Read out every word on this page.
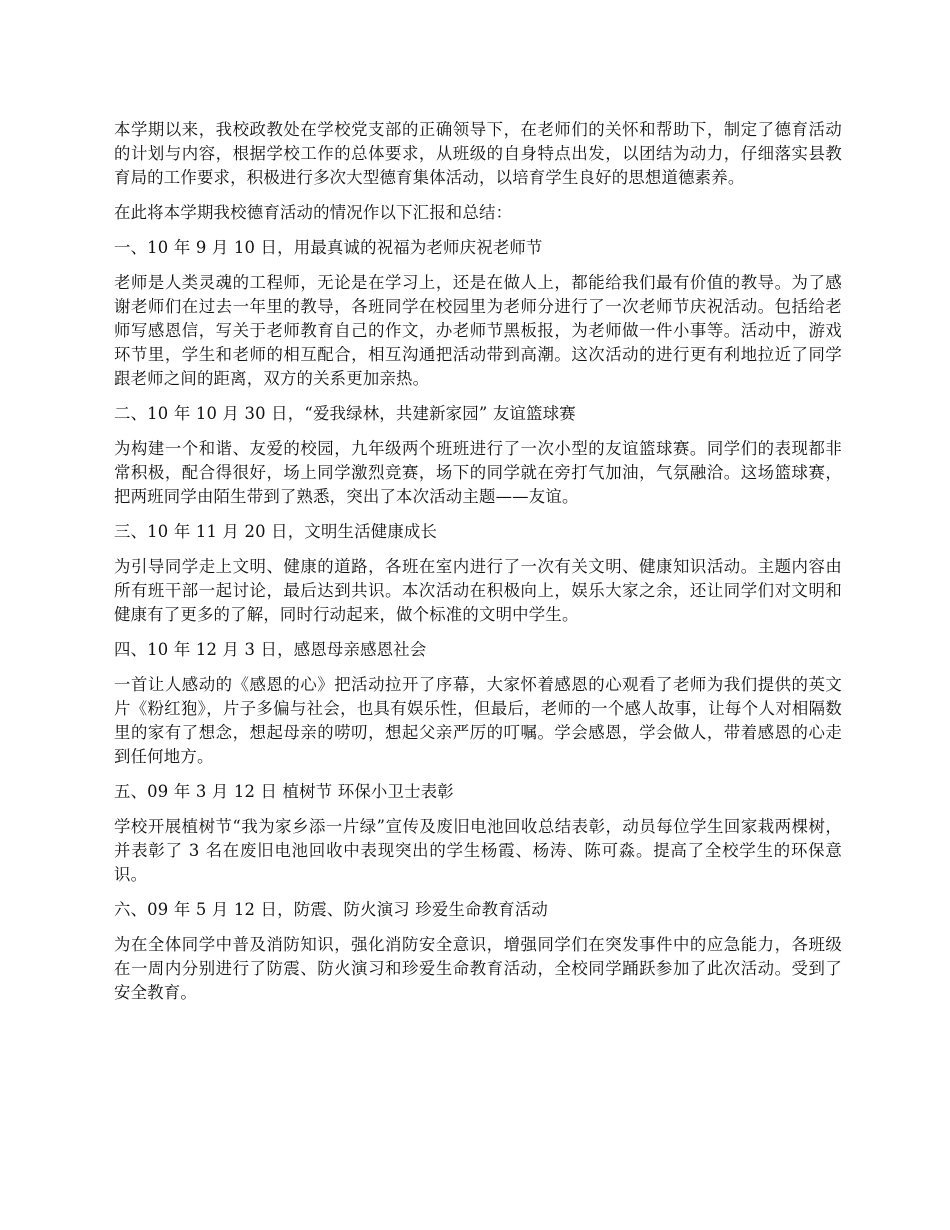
本学期以来，我校政教处在学校党支部的正确领导下，在老师们的关怀和帮助下，制定了德育活动的计划与内容，根据学校工作的总体要求，从班级的自身特点出发，以团结为动力，仔细落实县教育局的工作要求，积极进行多次大型德育集体活动，以培育学生良好的思想道德素养。

在此将本学期我校德育活动的情况作以下汇报和总结：

一、10 年 9 月 10 日，用最真诚的祝福为老师庆祝老师节

老师是人类灵魂的工程师，无论是在学习上，还是在做人上，都能给我们最有价值的教导。为了感谢老师们在过去一年里的教导，各班同学在校园里为老师分进行了一次老师节庆祝活动。包括给老师写感恩信，写关于老师教育自己的作文，办老师节黑板报，为老师做一件小事等。活动中，游戏环节里，学生和老师的相互配合，相互沟通把活动带到高潮。这次活动的进行更有利地拉近了同学跟老师之间的距离，双方的关系更加亲热。

二、10 年 10 月 30 日，“爱我绿林，共建新家园” 友谊篮球赛

为构建一个和谐、友爱的校园，九年级两个班班进行了一次小型的友谊篮球赛。同学们的表现都非常积极，配合得很好，场上同学激烈竞赛，场下的同学就在旁打气加油，气氛融洽。这场篮球赛，把两班同学由陌生带到了熟悉，突出了本次活动主题——友谊。

三、10 年 11 月 20 日，文明生活健康成长

为引导同学走上文明、健康的道路，各班在室内进行了一次有关文明、健康知识活动。主题内容由所有班干部一起讨论，最后达到共识。本次活动在积极向上，娱乐大家之余，还让同学们对文明和健康有了更多的了解，同时行动起来，做个标准的文明中学生。

四、10 年 12 月 3 日，感恩母亲感恩社会

一首让人感动的《感恩的心》把活动拉开了序幕，大家怀着感恩的心观看了老师为我们提供的英文片《粉红狍》，片子多偏与社会，也具有娱乐性，但最后，老师的一个感人故事，让每个人对相隔数里的家有了想念，想起母亲的唠叨，想起父亲严厉的叮嘱。学会感恩，学会做人，带着感恩的心走到任何地方。

五、09 年 3 月 12 日 植树节 环保小卫士表彰

学校开展植树节“我为家乡添一片绿”宣传及废旧电池回收总结表彰，动员每位学生回家栽两棵树，并表彰了 3 名在废旧电池回收中表现突出的学生杨霞、杨涛、陈可淼。提高了全校学生的环保意识。

六、09 年 5 月 12 日，防震、防火演习 珍爱生命教育活动

为在全体同学中普及消防知识，强化消防安全意识，增强同学们在突发事件中的应急能力，各班级在一周内分别进行了防震、防火演习和珍爱生命教育活动，全校同学踊跃参加了此次活动。受到了安全教育。
